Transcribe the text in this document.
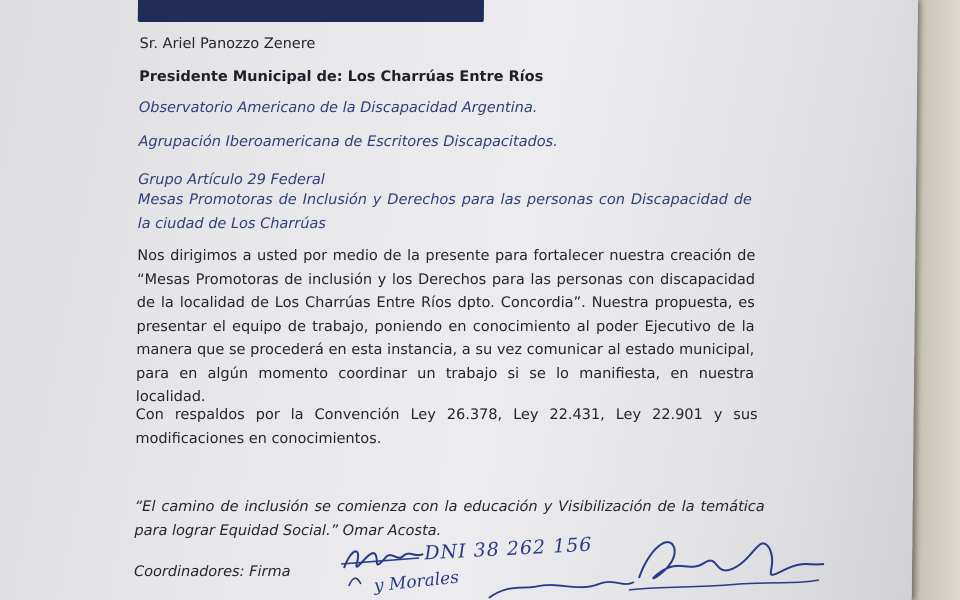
Sr. Ariel Panozzo Zenere
Presidente Municipal de: Los Charrúas Entre Ríos
Observatorio Americano de la Discapacidad Argentina.
Agrupación Iberoamericana de Escritores Discapacitados.
Grupo Artículo 29 Federal
Mesas Promotoras de Inclusión y Derechos para las personas con Discapacidad de la ciudad de Los Charrúas
Nos dirigimos a usted por medio de la presente para fortalecer nuestra creación de “Mesas Promotoras de inclusión y los Derechos para las personas con discapacidad de la localidad de Los Charrúas Entre Ríos dpto. Concordia”. Nuestra propuesta, es presentar el equipo de trabajo, poniendo en conocimiento al poder Ejecutivo de la manera que se procederá en esta instancia, a su vez comunicar al estado municipal, para en algún momento coordinar un trabajo si se lo manifiesta, en nuestra localidad.
Con respaldos por la Convención Ley 26.378, Ley 22.431, Ley 22.901 y sus modificaciones en conocimientos.
“El camino de inclusión se comienza con la educación y Visibilización de la temática para lograr Equidad Social.” Omar Acosta.
Coordinadores: Firma
DNI 38 262 156
y Morales
